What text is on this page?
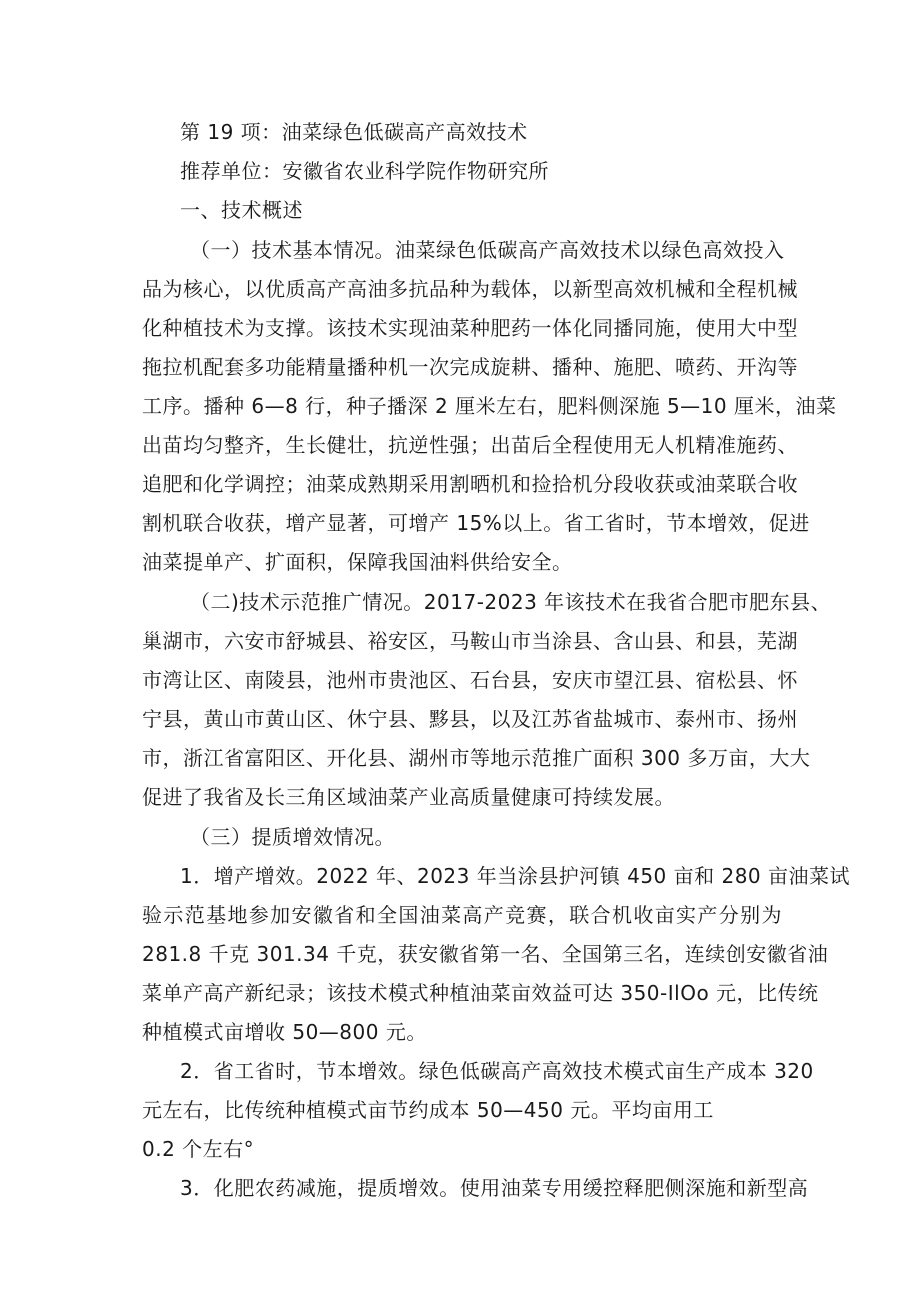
第 19 项：油菜绿色低碳高产高效技术
推荐单位：安徽省农业科学院作物研究所
一、技术概述
（一）技术基本情况。油菜绿色低碳高产高效技术以绿色高效投入
品为核心，以优质高产高油多抗品种为载体，以新型高效机械和全程机械
化种植技术为支撑。该技术实现油菜种肥药一体化同播同施，使用大中型
拖拉机配套多功能精量播种机一次完成旋耕、播种、施肥、喷药、开沟等
工序。播种 6—8 行，种子播深 2 厘米左右，肥料侧深施 5—10 厘米，油菜
出苗均匀整齐，生长健壮，抗逆性强；出苗后全程使用无人机精准施药、
追肥和化学调控；油菜成熟期采用割晒机和捡拾机分段收获或油菜联合收
割机联合收获，增产显著，可增产 15%以上。省工省时，节本增效，促进
油菜提单产、扩面积，保障我国油料供给安全。
（二)技术示范推广情况。2017-2023 年该技术在我省合肥市肥东县、
巢湖市，六安市舒城县、裕安区，马鞍山市当涂县、含山县、和县，芜湖
市湾让区、南陵县，池州市贵池区、石台县，安庆市望江县、宿松县、怀
宁县，黄山市黄山区、休宁县、黟县，以及江苏省盐城市、泰州市、扬州
市，浙江省富阳区、开化县、湖州市等地示范推广面积 300 多万亩，大大
促进了我省及长三角区域油菜产业高质量健康可持续发展。
（三）提质增效情况。
1．增产增效。2022 年、2023 年当涂县护河镇 450 亩和 280 亩油菜试
验示范基地参加安徽省和全国油菜高产竞赛，联合机收亩实产分别为
281.8 千克 301.34 千克，获安徽省第一名、全国第三名，连续创安徽省油
菜单产高产新纪录；该技术模式种植油菜亩效益可达 350-IlOo 元，比传统
种植模式亩增收 50—800 元。
2．省工省时，节本增效。绿色低碳高产高效技术模式亩生产成本 320
元左右，比传统种植模式亩节约成本 50—450 元。平均亩用工
0.2 个左右°
3．化肥农药减施，提质增效。使用油菜专用缓控释肥侧深施和新型高
